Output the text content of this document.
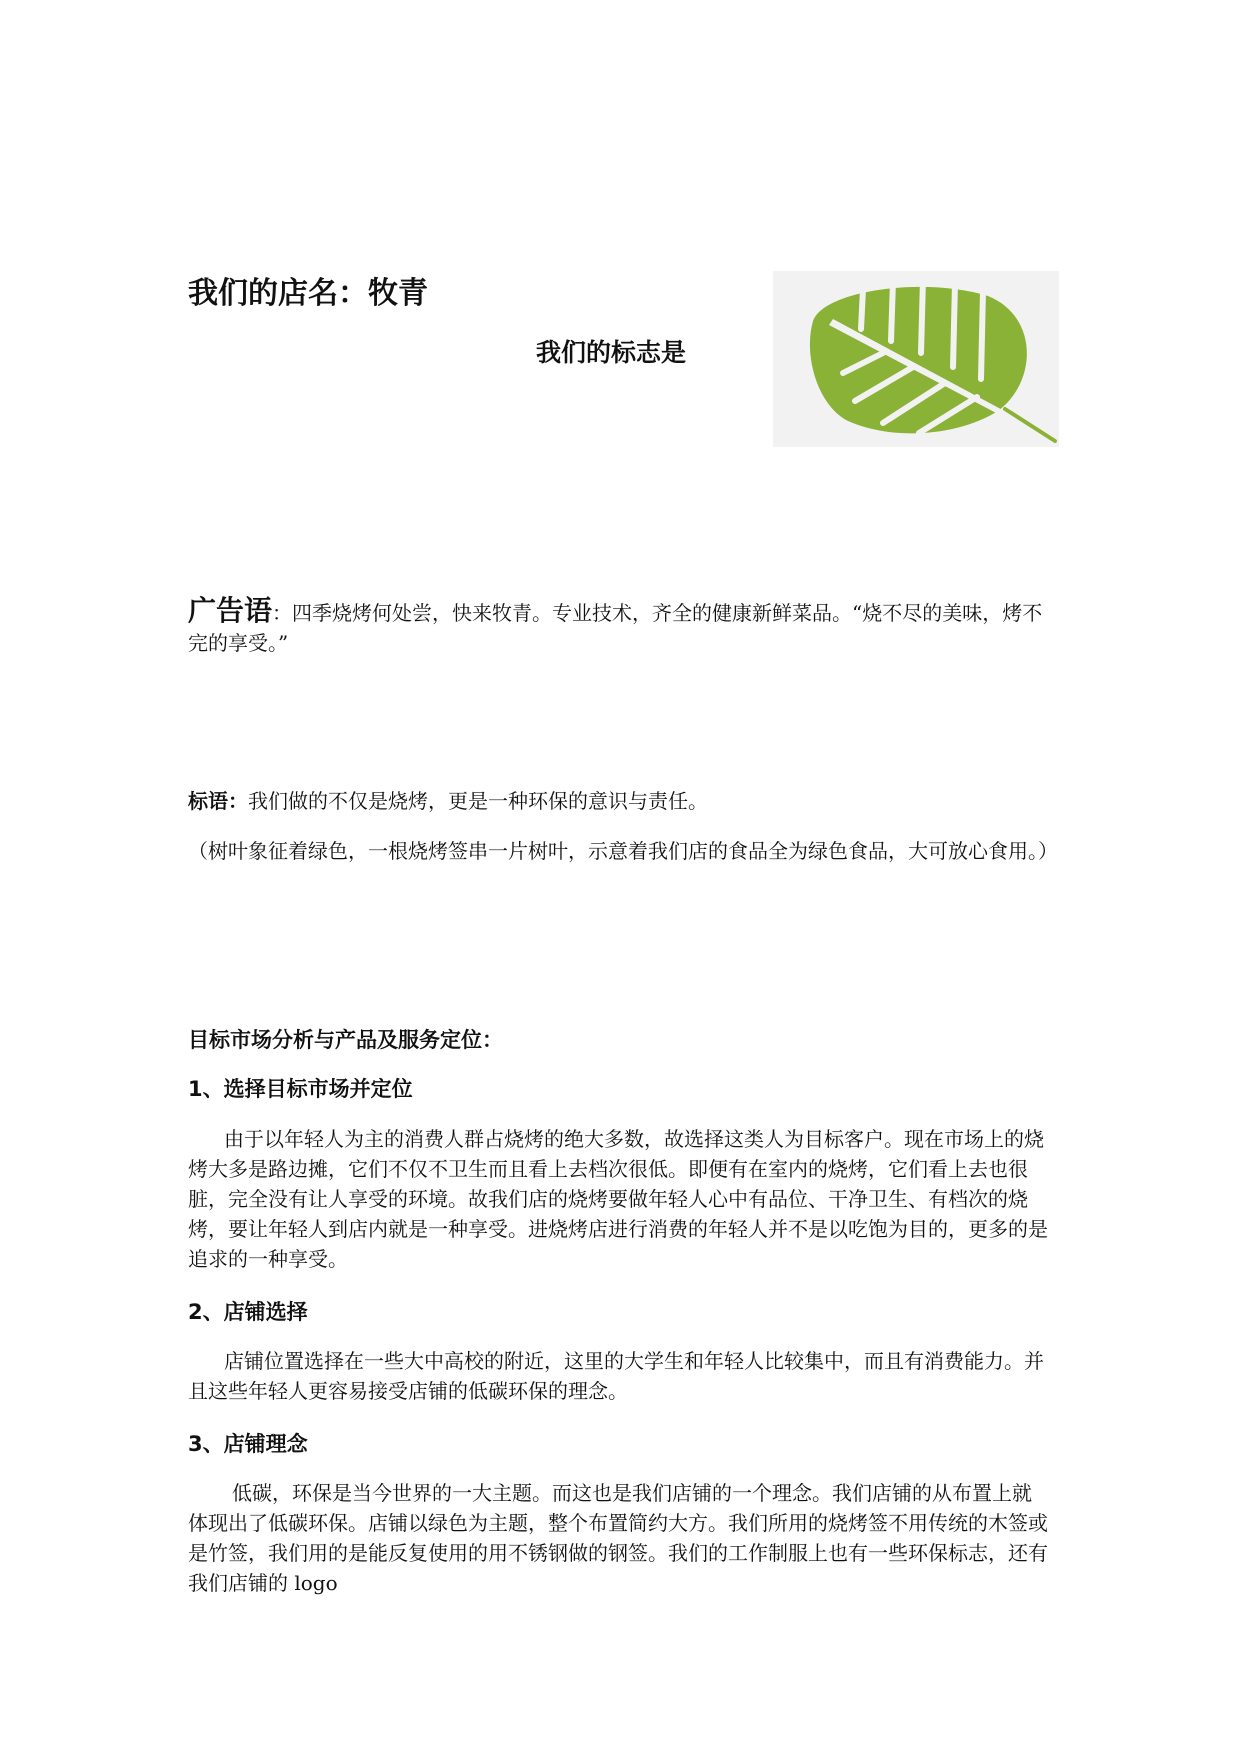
我们的店名：牧青
我们的标志是
广告语：四季烧烤何处尝，快来牧青。专业技术，齐全的健康新鲜菜品。“烧不尽的美味，烤不完的享受。”
标语：我们做的不仅是烧烤，更是一种环保的意识与责任。

（树叶象征着绿色，一根烧烤签串一片树叶，示意着我们店的食品全为绿色食品，大可放心食用。）

目标市场分析与产品及服务定位：
1、选择目标市场并定位

由于以年轻人为主的消费人群占烧烤的绝大多数，故选择这类人为目标客户。现在市场上的烧烤大多是路边摊，它们不仅不卫生而且看上去档次很低。即便有在室内的烧烤，它们看上去也很脏，完全没有让人享受的环境。故我们店的烧烤要做年轻人心中有品位、干净卫生、有档次的烧烤，要让年轻人到店内就是一种享受。进烧烤店进行消费的年轻人并不是以吃饱为目的，更多的是追求的一种享受。

2、店铺选择

店铺位置选择在一些大中高校的附近，这里的大学生和年轻人比较集中，而且有消费能力。并且这些年轻人更容易接受店铺的低碳环保的理念。

3、店铺理念

低碳，环保是当今世界的一大主题。而这也是我们店铺的一个理念。我们店铺的从布置上就体现出了低碳环保。店铺以绿色为主题，整个布置简约大方。我们所用的烧烤签不用传统的木签或是竹签，我们用的是能反复使用的用不锈钢做的钢签。我们的工作制服上也有一些环保标志，还有我们店铺的 logo
